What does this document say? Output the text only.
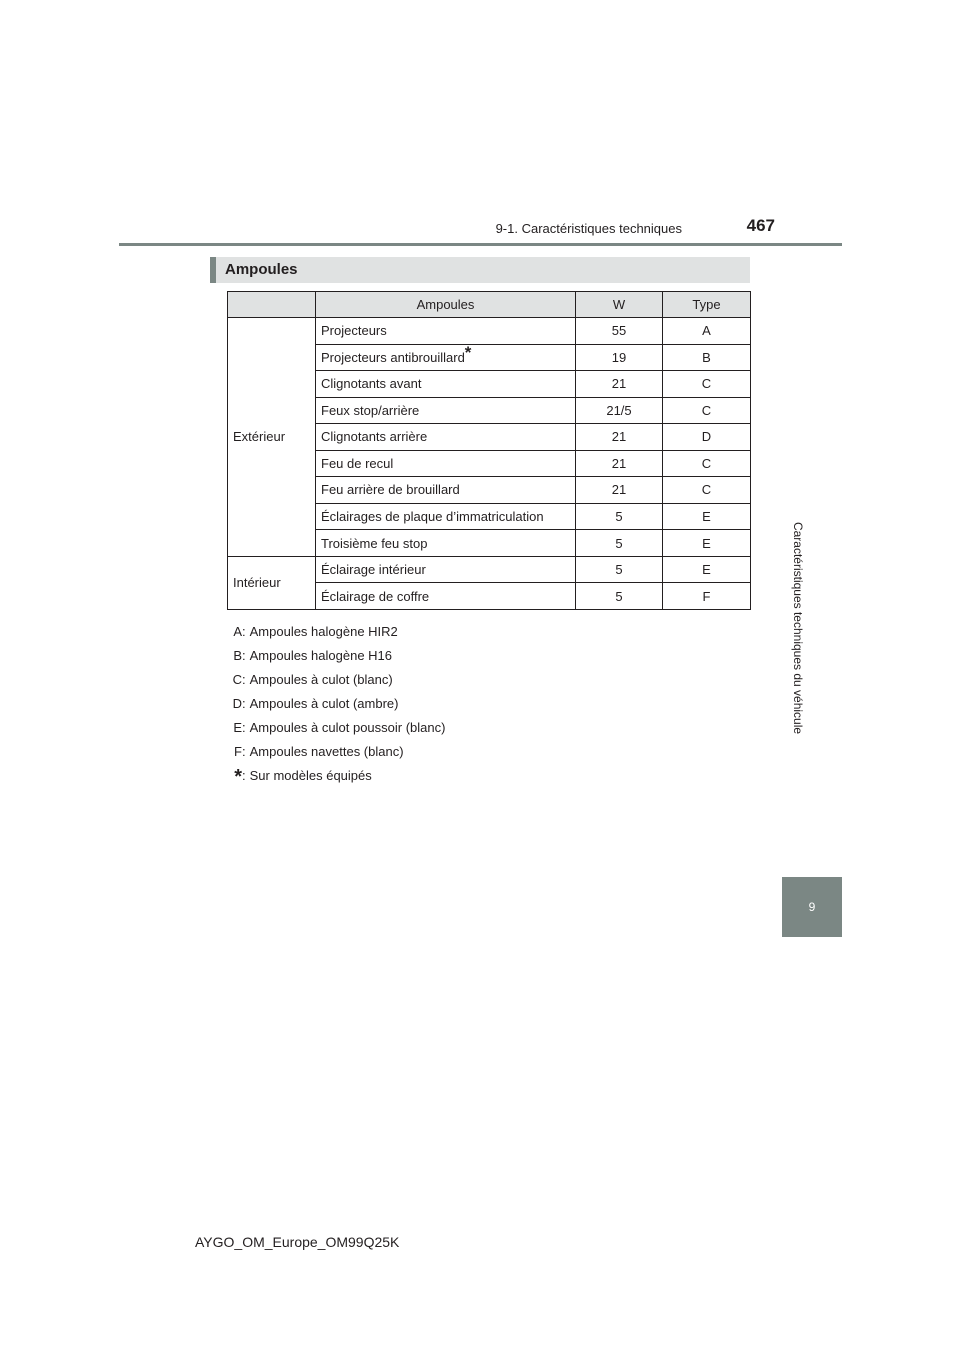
9-1. Caractéristiques techniques	467
Caractéristiques techniques du véhicule
9
Ampoules
	Ampoules	W	Type
Extérieur	Projecteurs	55	A
	Projecteurs antibrouillard*	19	B
	Clignotants avant	21	C
	Feux stop/arrière	21/5	C
	Clignotants arrière	21	D
	Feu de recul	21	C
	Feu arrière de brouillard	21	C
	Éclairages de plaque d’immatriculation	5	E
	Troisième feu stop	5	E
Intérieur	Éclairage intérieur	5	E
	Éclairage de coffre	5	F
A :
Ampoules halogène HIR2
B :
Ampoules halogène H16
C :
Ampoules à culot (blanc)
D :
Ampoules à culot (ambre)
E :
Ampoules à culot poussoir (blanc)
F :
Ampoules navettes (blanc)
* :
Sur modèles équipés
AYGO_OM_Europe_OM99Q25K
